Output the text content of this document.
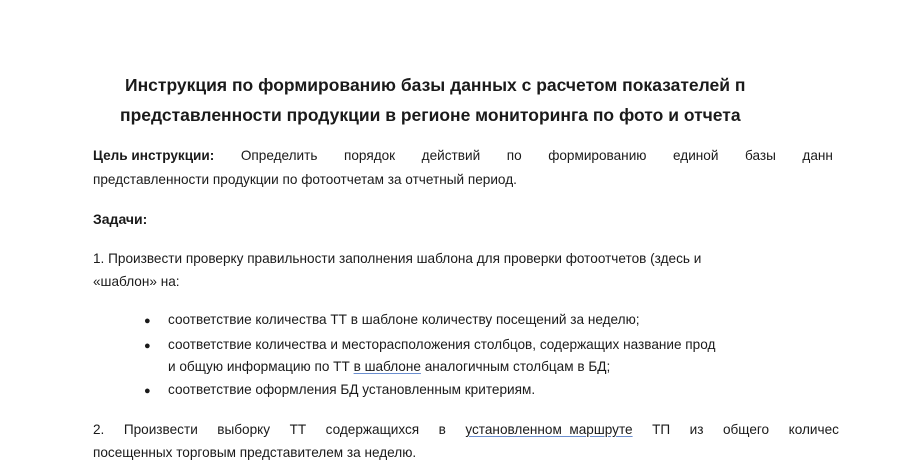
Инструкция по формированию базы данных с расчетом показателей п
представленности продукции в регионе мониторинга по фото и отчета
Цель инструкции: Определить порядок действий по формированию единой базы данн
представленности продукции по фотоотчетам за отчетный период.
Задачи:
1. Произвести проверку правильности заполнения шаблона для проверки фотоотчетов (здесь и
«шаблон» на:
● соответствие количества ТТ в шаблоне количеству посещений за неделю;
● соответствие количества и месторасположения столбцов, содержащих название прод
и общую информацию по ТТ в шаблоне аналогичным столбцам в БД;
● соответствие оформления БД установленным критериям.
2. Произвести выборку ТТ содержащихся в установленном  маршруте ТП из общего количес
посещенных торговым представителем за неделю.
